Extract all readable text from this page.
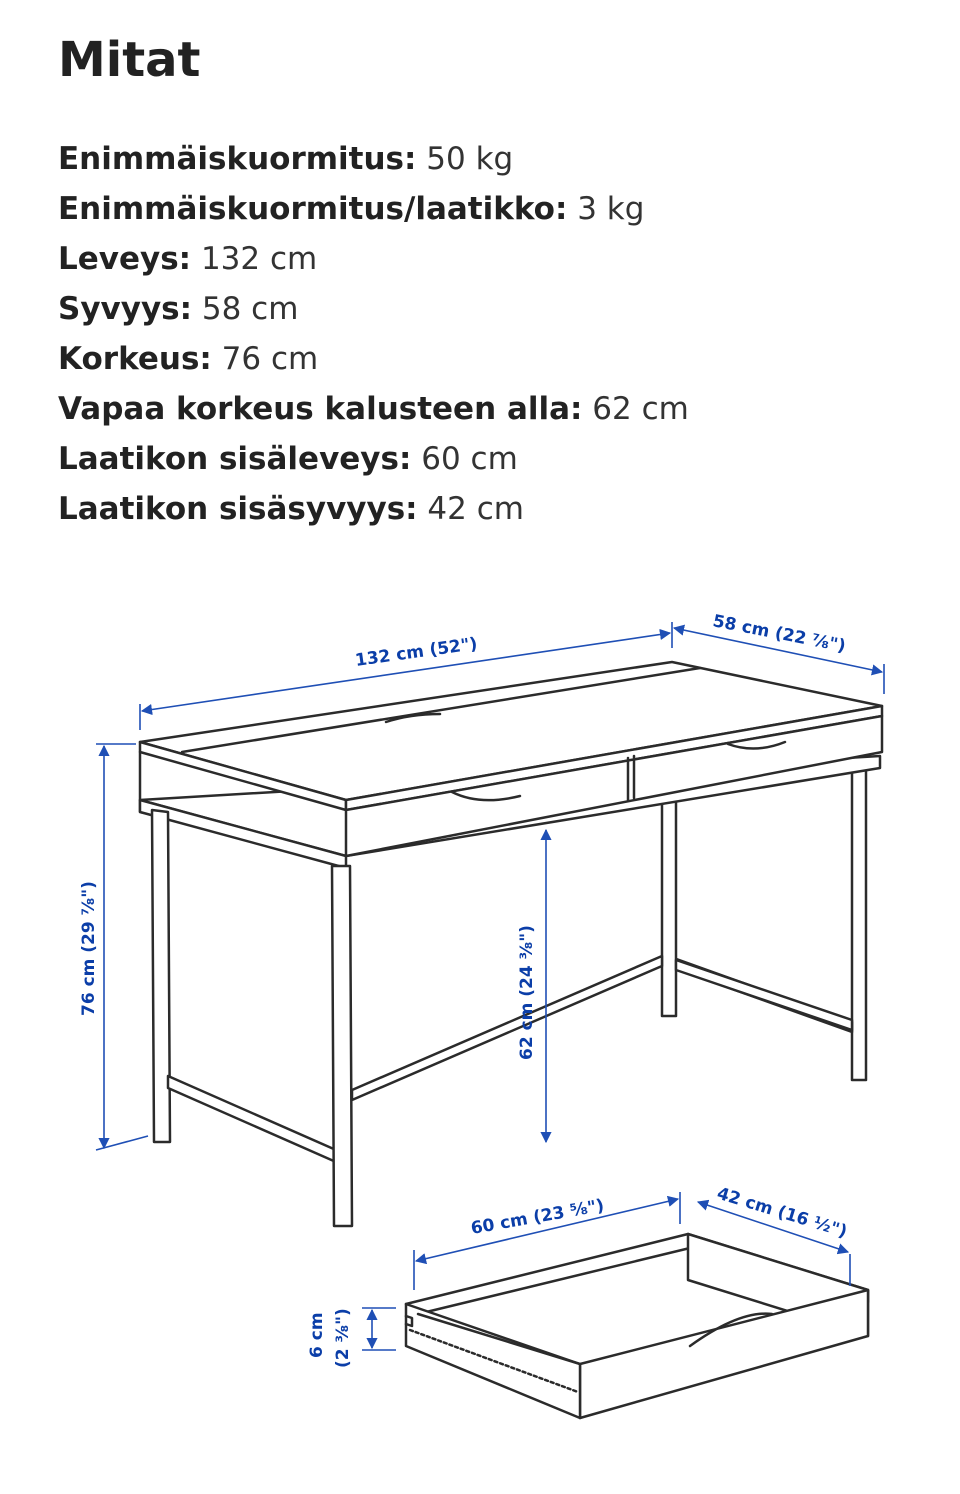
Mitat
Enimmäiskuormitus: 50 kg
Enimmäiskuormitus/laatikko: 3 kg
Leveys: 132 cm
Syvyys: 58 cm
Korkeus: 76 cm
Vapaa korkeus kalusteen alla: 62 cm
Laatikon sisäleveys: 60 cm
Laatikon sisäsyvyys: 42 cm
132 cm (52")	58 cm (22 ⅞")
76 cm (29 ⅞")	62 cm (24 ⅜")
60 cm (23 ⅝")	42 cm (16 ½")
6 cm (2 ⅜")
